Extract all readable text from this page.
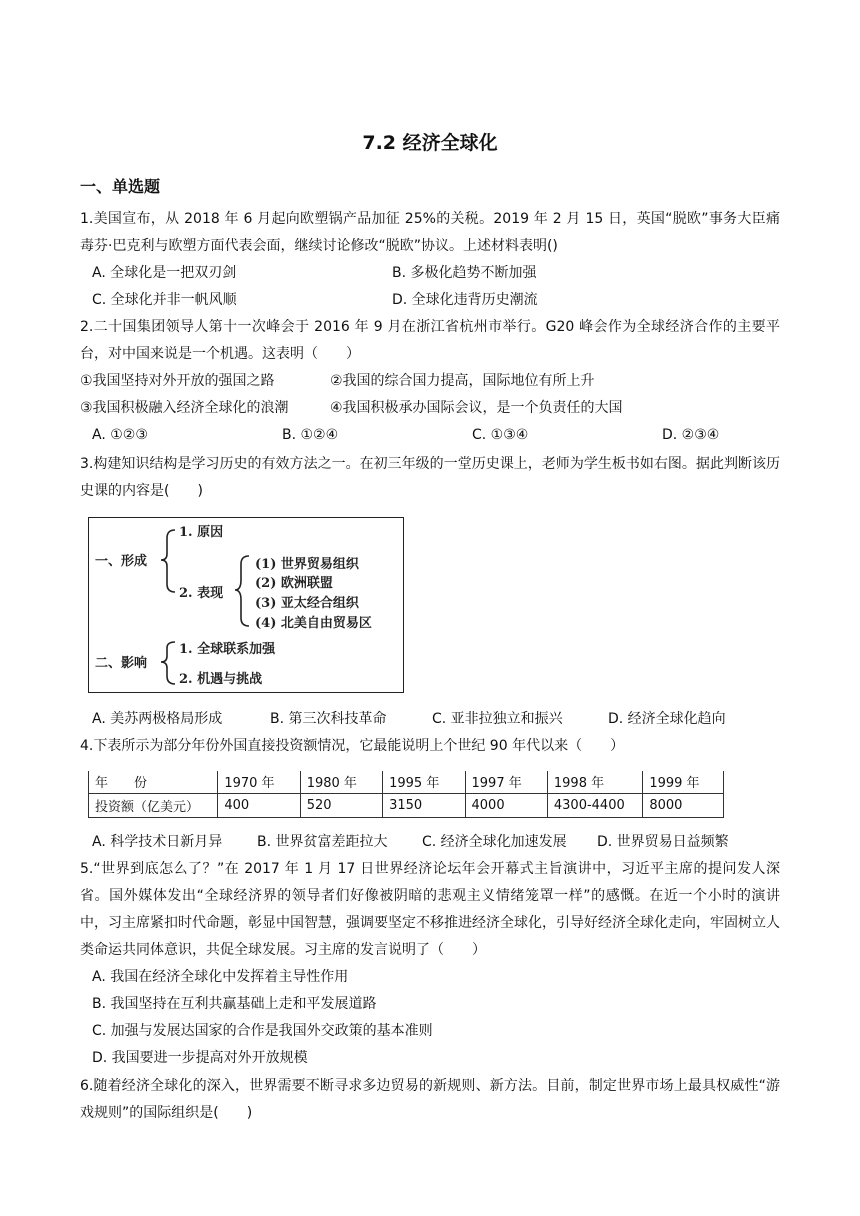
7.2 经济全球化
一、单选题

1.美国宣布，从 2018 年 6 月起向欧塑锅产品加征 25%的关税。2019 年 2 月 15 日，英国“脱欧”事务大臣痛毒芬·巴克利与欧塑方面代表会面，继续讨论修改“脱欧”协议。上述材料表明()

A. 全球化是一把双刃剑	B. 多极化趋势不断加强
C. 全球化并非一帆风顺	D. 全球化违背历史潮流

2.二十国集团领导人第十一次峰会于 2016 年 9 月在浙江省杭州市举行。G20 峰会作为全球经济合作的主要平台，对中国来说是一个机遇。这表明（　　）

①我国坚持对外开放的强国之路	②我国的综合国力提高，国际地位有所上升
③我国积极融入经济全球化的浪潮	④我国积极承办国际会议，是一个负责任的大国
A. ①②③	B. ①②④	C. ①③④	D. ②③④

3.构建知识结构是学习历史的有效方法之一。在初三年级的一堂历史课上，老师为学生板书如右图。据此判断该历史课的内容是(　　)

一、形成
1. 原因
2. 表现
(1) 世界贸易组织
(2) 欧洲联盟
(3) 亚太经合组织
(4) 北美自由贸易区
二、影响
1. 全球联系加强
2. 机遇与挑战
A. 美苏两极格局形成	B. 第三次科技革命	C. 亚非拉独立和振兴	D. 经济全球化趋向

4.下表所示为部分年份外国直接投资额情况，它最能说明上个世纪 90 年代以来（　　）

年　　份	1970 年	1980 年	1995 年	1997 年	1998 年	1999 年
投资额（亿美元）	400	520	3150	4000	4300-4400	8000
A. 科学技术日新月异	B. 世界贫富差距拉大	C. 经济全球化加速发展	D. 世界贸易日益频繁

5.“世界到底怎么了？”在 2017 年 1 月 17 日世界经济论坛年会开幕式主旨演讲中，习近平主席的提问发人深省。国外媒体发出“全球经济界的领导者们好像被阴暗的悲观主义情绪笼罩一样”的感慨。在近一个小时的演讲中，习主席紧扣时代命题，彰显中国智慧，强调要坚定不移推进经济全球化，引导好经济全球化走向，牢固树立人类命运共同体意识，共促全球发展。习主席的发言说明了（　　）

A. 我国在经济全球化中发挥着主导性作用
B. 我国坚持在互利共赢基础上走和平发展道路
C. 加强与发展达国家的合作是我国外交政策的基本准则
D. 我国要进一步提高对外开放规模

6.随着经济全球化的深入，世界需要不断寻求多边贸易的新规则、新方法。目前，制定世界市场上最具权威性“游戏规则”的国际组织是(　　)
